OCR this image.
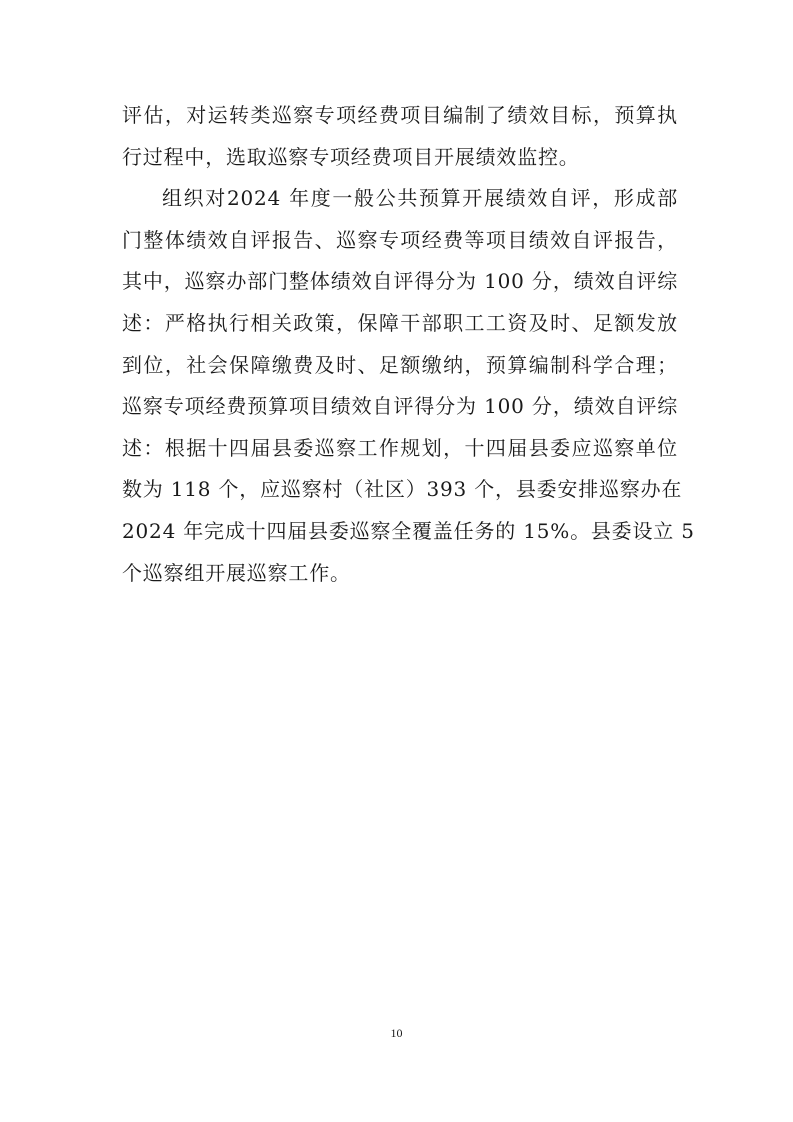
评估，对运转类巡察专项经费项目编制了绩效目标，预算执
行过程中，选取巡察专项经费项目开展绩效监控。
组织对2024 年度一般公共预算开展绩效自评，形成部
门整体绩效自评报告、巡察专项经费等项目绩效自评报告，
其中，巡察办部门整体绩效自评得分为 100 分，绩效自评综
述：严格执行相关政策，保障干部职工工资及时、足额发放
到位，社会保障缴费及时、足额缴纳，预算编制科学合理；
巡察专项经费预算项目绩效自评得分为 100 分，绩效自评综
述：根据十四届县委巡察工作规划，十四届县委应巡察单位
数为 118 个，应巡察村（社区）393 个，县委安排巡察办在
2024 年完成十四届县委巡察全覆盖任务的 15%。县委设立 5
个巡察组开展巡察工作。
10
